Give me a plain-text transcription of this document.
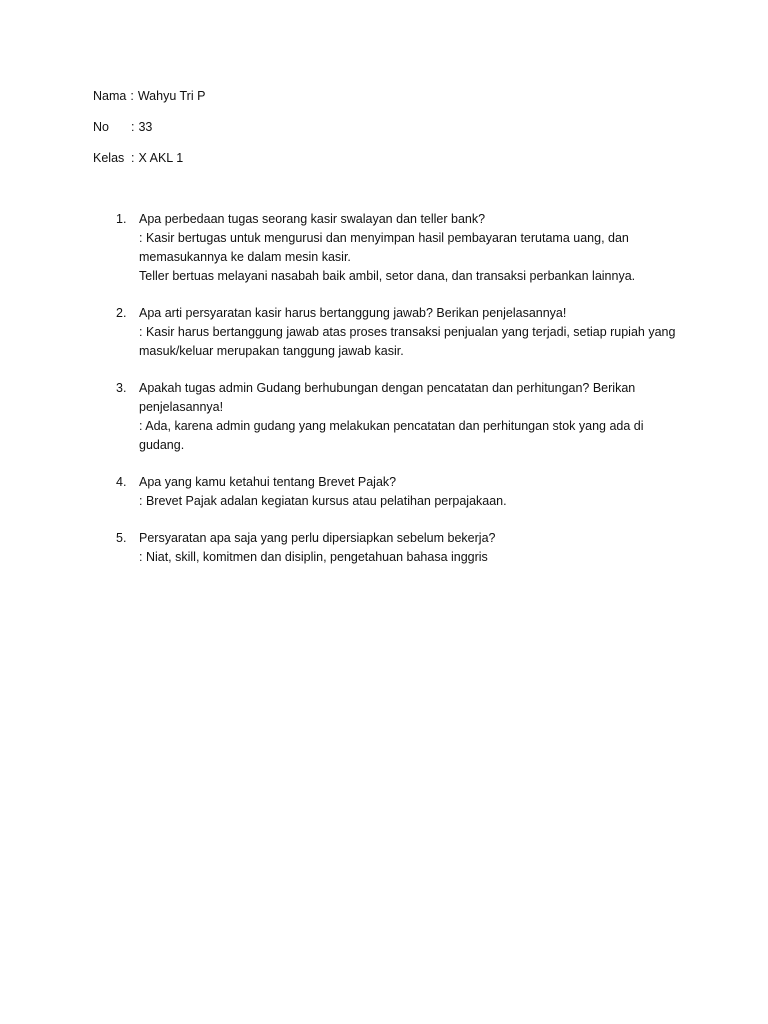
Nama : Wahyu Tri P
No	: 33
Kelas : X AKL 1
1.	Apa perbedaan tugas seorang kasir swalayan dan teller bank?

: Kasir bertugas untuk mengurusi dan menyimpan hasil pembayaran terutama uang, dan memasukannya ke dalam mesin kasir.

Teller bertuas melayani nasabah baik ambil, setor dana, dan transaksi perbankan lainnya.

2.	Apa arti persyaratan kasir harus bertanggung jawab? Berikan penjelasannya!

: Kasir harus bertanggung jawab atas proses transaksi penjualan yang terjadi, setiap rupiah yang masuk/keluar merupakan tanggung jawab kasir.

3.	Apakah tugas admin Gudang berhubungan dengan pencatatan dan perhitungan? Berikan penjelasannya!

: Ada, karena admin gudang yang melakukan pencatatan dan perhitungan stok yang ada di gudang.

4.	Apa yang kamu ketahui tentang Brevet Pajak?

: Brevet Pajak adalan kegiatan kursus atau pelatihan perpajakaan.

5.	Persyaratan apa saja yang perlu dipersiapkan sebelum bekerja?

: Niat, skill, komitmen dan disiplin, pengetahuan bahasa inggris
